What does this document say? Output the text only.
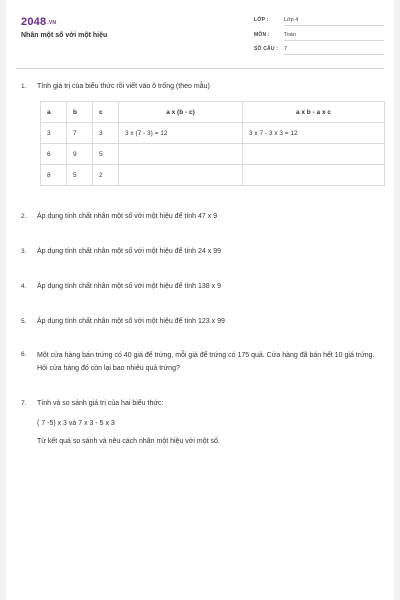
2048.VN
Nhân một số với một hiệu
LỚP :	Lớp 4
MÔN :	Toán
SỐ CÂU : 7
1. Tính giá trị của biểu thức rồi viết vào ô trống (theo mẫu)
a	b	c	a x (b - c)	a x b - a x c
3	7	3	3 x (7 - 3) = 12	3 x 7 - 3 x 3 = 12
6	9	5		
8	5	2		
2. Áp dụng tính chất nhân một số với một hiệu để tính 47 x 9
3. Áp dụng tính chất nhân một số với một hiệu để tính 24 x 99
4. Áp dụng tính chất nhân một số với một hiệu để tính 138 x 9
5. Áp dụng tính chất nhân một số với một hiệu để tính 123 x 99
6. Một cửa hàng bán trứng có 40 giá để trứng, mỗi giá để trứng có 175 quả. Cửa hàng đã bán hết 10 giá trứng. Hỏi cửa hàng đó còn lại bao nhiêu quả trứng?
7. Tính và so sánh giá trị của hai biểu thức:
( 7 -5) x 3 và 7 x 3 - 5 x 3
Từ kết quả so sánh và nêu cách nhân một hiệu với một số.
